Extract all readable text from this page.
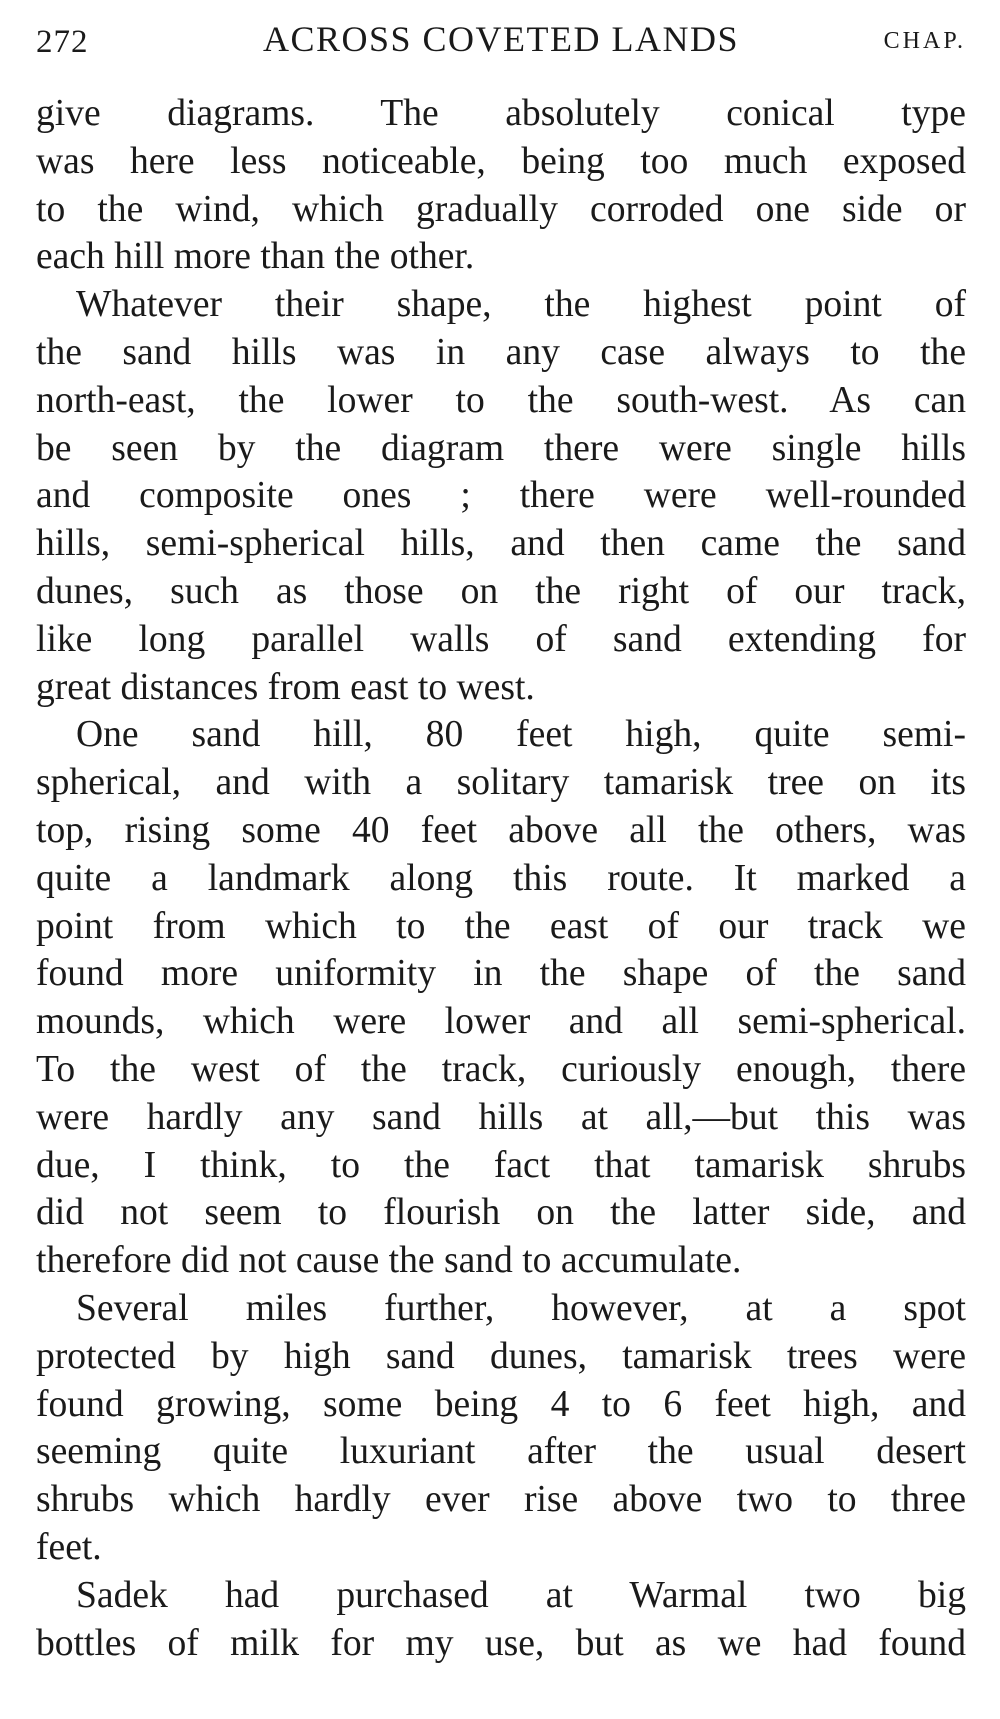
272	ACROSS COVETED LANDS	CHAP.

give diagrams. The absolutely conical type
was here less noticeable, being too much exposed
to the wind, which gradually corroded one side or
each hill more than the other.

Whatever their shape, the highest point of
the sand hills was in any case always to the
north-east, the lower to the south-west. As can
be seen by the diagram there were single hills
and composite ones ; there were well-rounded
hills, semi-spherical hills, and then came the sand
dunes, such as those on the right of our track,
like long parallel walls of sand extending for
great distances from east to west.

One sand hill, 80 feet high, quite semi-
spherical, and with a solitary tamarisk tree on its
top, rising some 40 feet above all the others, was
quite a landmark along this route. It marked a
point from which to the east of our track we
found more uniformity in the shape of the sand
mounds, which were lower and all semi-spherical.
To the west of the track, curiously enough, there
were hardly any sand hills at all,—but this was
due, I think, to the fact that tamarisk shrubs
did not seem to flourish on the latter side, and
therefore did not cause the sand to accumulate.

Several miles further, however, at a spot
protected by high sand dunes, tamarisk trees were
found growing, some being 4 to 6 feet high, and
seeming quite luxuriant after the usual desert
shrubs which hardly ever rise above two to three
feet.

Sadek had purchased at Warmal two big
bottles of milk for my use, but as we had found
